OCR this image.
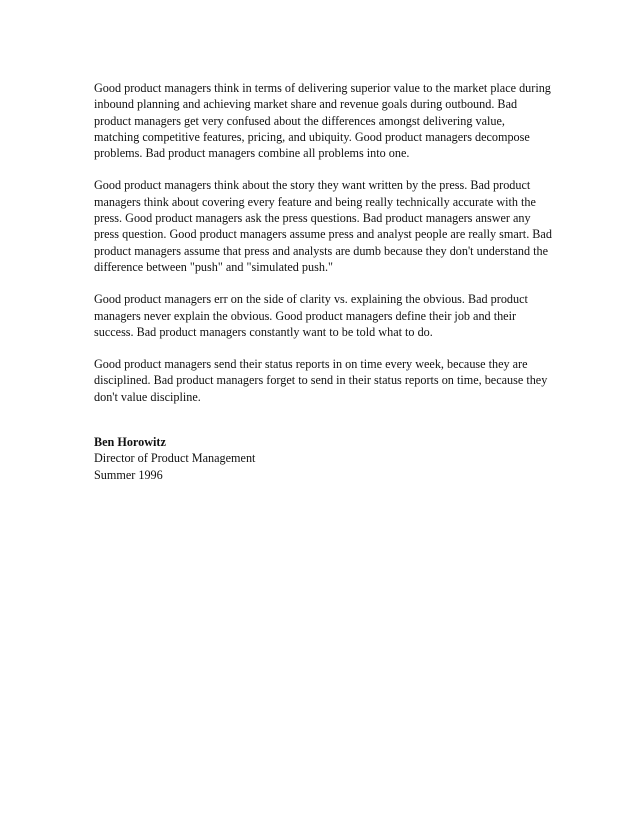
Good product managers think in terms of delivering superior value to the market place during inbound planning and achieving market share and revenue goals during outbound. Bad product managers get very confused about the differences amongst delivering value, matching competitive features, pricing, and ubiquity. Good product managers decompose problems. Bad product managers combine all problems into one.

Good product managers think about the story they want written by the press. Bad product managers think about covering every feature and being really technically accurate with the press. Good product managers ask the press questions. Bad product managers answer any press question. Good product managers assume press and analyst people are really smart. Bad product managers assume that press and analysts are dumb because they don't understand the difference between "push" and "simulated push."

Good product managers err on the side of clarity vs. explaining the obvious. Bad product managers never explain the obvious. Good product managers define their job and their success. Bad product managers constantly want to be told what to do.

Good product managers send their status reports in on time every week, because they are disciplined. Bad product managers forget to send in their status reports on time, because they don't value discipline.

Ben Horowitz
Director of Product Management
Summer 1996
